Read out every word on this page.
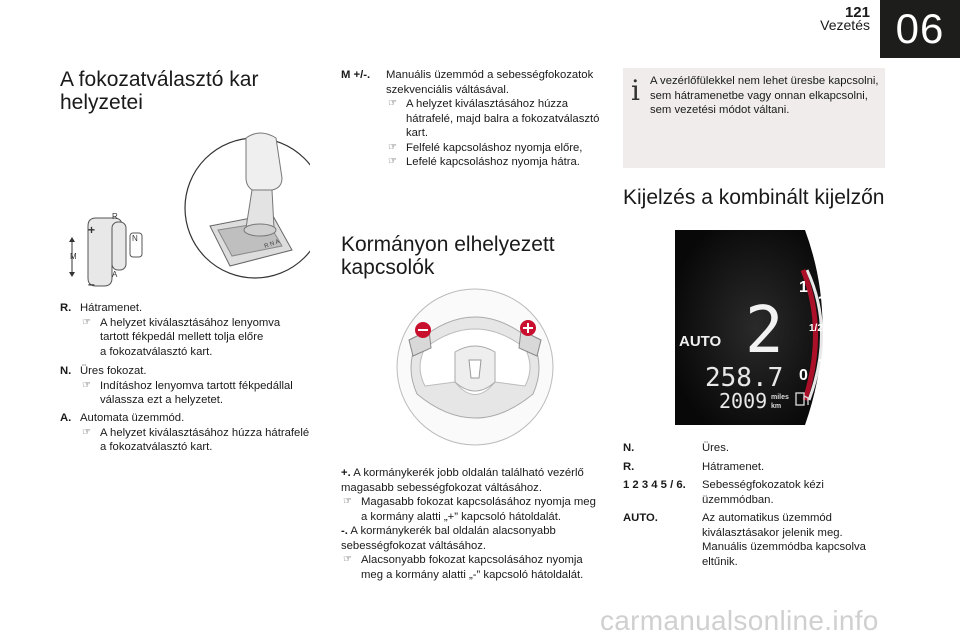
121
Vezetés 06
A fokozatválasztó kar
helyzetei
R
N
A
M
+
–
R N A
R. Hátramenet.
☞ A helyzet kiválasztásához lenyomva
tartott fékpedál mellett tolja előre
a fokozatválasztó kart.
N. Üres fokozat.
☞ Indításhoz lenyomva tartott fékpedállal
válassza ezt a helyzetet.
A. Automata üzemmód.
☞ A helyzet kiválasztásához húzza hátrafelé
a fokozatválasztó kart.
M +/-. Manuális üzemmód a sebességfokozatok
szekvenciális váltásával.
☞ A helyzet kiválasztásához húzza
hátrafelé, majd balra a fokozatválasztó
kart.
☞ Felfelé kapcsoláshoz nyomja előre,
☞ Lefelé kapcsoláshoz nyomja hátra.
Kormányon elhelyezett
kapcsolók
+. A kormánykerék jobb oldalán található vezérlő
magasabb sebességfokozat váltásához.
☞ Magasabb fokozat kapcsolásához nyomja meg
a kormány alatti „+” kapcsoló hátoldalát.
-. A kormánykerék bal oldalán alacsonyabb
sebességfokozat váltásához.
☞ Alacsonyabb fokozat kapcsolásához nyomja
meg a kormány alatti „-” kapcsoló hátoldalát.
i A vezérlőfülekkel nem lehet üresbe kapcsolni,
sem hátramenetbe vagy onnan elkapcsolni,
sem vezetési módot váltani.
Kijelzés a kombinált kijelzőn
AUTO 2
1
1/2
0
258.7
2009 miles
km
N.	Üres.
R.	Hátramenet.
1 2 3 4 5 / 6. Sebességfokozatok kézi
üzemmódban.
AUTO.	Az automatikus üzemmód
kiválasztásakor jelenik meg.
Manuális üzemmódba kapcsolva
eltűnik.
carmanualsonline.info
